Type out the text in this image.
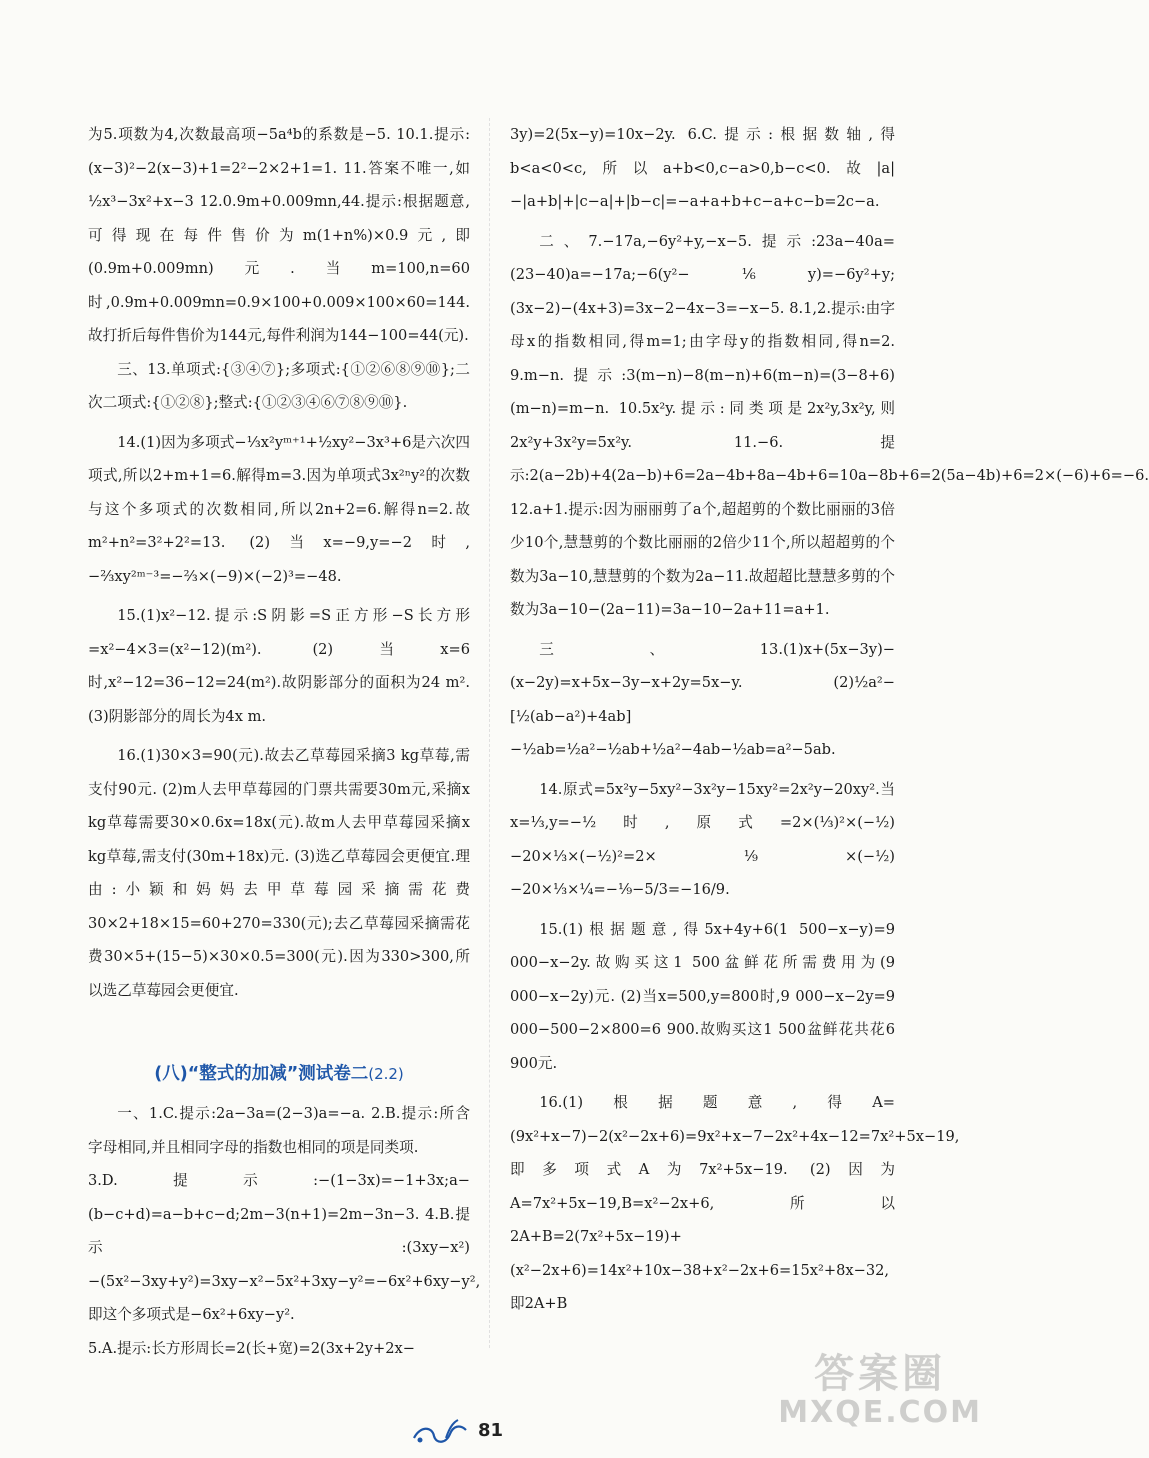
为5.项数为4,次数最高项−5a⁴b的系数是−5. 10.1.提示:(x−3)²−2(x−3)+1=2²−2×2+1=1. 11.答案不唯一,如 ½x³−3x²+x−3 12.0.9m+0.009mn,44.提示:根据题意,可得现在每件售价为m(1+n%)×0.9元,即(0.9m+0.009mn)元.当m=100,n=60时,0.9m+0.009mn=0.9×100+0.009×100×60=144.故打折后每件售价为144元,每件利润为144−100=44(元).

三、13.单项式:{③④⑦};多项式:{①②⑥⑧⑨⑩};二次二项式:{①②⑧};整式:{①②③④⑥⑦⑧⑨⑩}.

14.(1)因为多项式−⅓x²yᵐ⁺¹+½xy²−3x³+6是六次四项式,所以2+m+1=6.解得m=3.因为单项式3x²ⁿy²的次数与这个多项式的次数相同,所以2n+2=6.解得n=2.故m²+n²=3²+2²=13. (2)当x=−9,y=−2时,−⅔xy²ᵐ⁻³=−⅔×(−9)×(−2)³=−48.

15.(1)x²−12.提示:S阴影=S正方形−S长方形=x²−4×3=(x²−12)(m²). (2)当x=6时,x²−12=36−12=24(m²).故阴影部分的面积为24 m². (3)阴影部分的周长为4x m.

16.(1)30×3=90(元).故去乙草莓园采摘3 kg草莓,需支付90元. (2)m人去甲草莓园的门票共需要30m元,采摘x kg草莓需要30×0.6x=18x(元).故m人去甲草莓园采摘x kg草莓,需支付(30m+18x)元. (3)选乙草莓园会更便宜.理由:小颖和妈妈去甲草莓园采摘需花费30×2+18×15=60+270=330(元);去乙草莓园采摘需花费30×5+(15−5)×30×0.5=300(元).因为330>300,所以选乙草莓园会更便宜.

(八)“整式的加减”测试卷二(2.2)

一、1.C.提示:2a−3a=(2−3)a=−a. 2.B.提示:所含字母相同,并且相同字母的指数也相同的项是同类项.

3.D.提示:−(1−3x)=−1+3x;a−(b−c+d)=a−b+c−d;2m−3(n+1)=2m−3n−3. 4.B.提示:(3xy−x²)−(5x²−3xy+y²)=3xy−x²−5x²+3xy−y²=−6x²+6xy−y²,即这个多项式是−6x²+6xy−y².

5.A.提示:长方形周长=2(长+宽)=2(3x+2y+2x−

3y)=2(5x−y)=10x−2y. 6.C.提示:根据数轴,得b<a<0<c,所以a+b<0,c−a>0,b−c<0.故|a|−|a+b|+|c−a|+|b−c|=−a+a+b+c−a+c−b=2c−a.

二、7.−17a,−6y²+y,−x−5.提示:23a−40a=(23−40)a=−17a;−6(y²−⅙y)=−6y²+y;(3x−2)−(4x+3)=3x−2−4x−3=−x−5. 8.1,2.提示:由字母x的指数相同,得m=1;由字母y的指数相同,得n=2. 9.m−n.提示:3(m−n)−8(m−n)+6(m−n)=(3−8+6)(m−n)=m−n. 10.5x²y.提示:同类项是2x²y,3x²y,则2x²y+3x²y=5x²y. 11.−6.提示:2(a−2b)+4(2a−b)+6=2a−4b+8a−4b+6=10a−8b+6=2(5a−4b)+6=2×(−6)+6=−6. 12.a+1.提示:因为丽丽剪了a个,超超剪的个数比丽丽的3倍少10个,慧慧剪的个数比丽丽的2倍少11个,所以超超剪的个数为3a−10,慧慧剪的个数为2a−11.故超超比慧慧多剪的个数为3a−10−(2a−11)=3a−10−2a+11=a+1.

三、13.(1)x+(5x−3y)−(x−2y)=x+5x−3y−x+2y=5x−y. (2)½a²−[½(ab−a²)+4ab]−½ab=½a²−½ab+½a²−4ab−½ab=a²−5ab.

14.原式=5x²y−5xy²−3x²y−15xy²=2x²y−20xy².当x=⅓,y=−½时,原式=2×(⅓)²×(−½)−20×⅓×(−½)²=2×⅑×(−½)−20×⅓×¼=−⅑−5/3=−16/9.

15.(1)根据题意,得5x+4y+6(1 500−x−y)=9 000−x−2y.故购买这1 500盆鲜花所需费用为(9 000−x−2y)元. (2)当x=500,y=800时,9 000−x−2y=9 000−500−2×800=6 900.故购买这1 500盆鲜花共花6 900元.

16.(1)根据题意,得A=(9x²+x−7)−2(x²−2x+6)=9x²+x−7−2x²+4x−12=7x²+5x−19,即多项式A为7x²+5x−19. (2)因为A=7x²+5x−19,B=x²−2x+6,所以2A+B=2(7x²+5x−19)+(x²−2x+6)=14x²+10x−38+x²−2x+6=15x²+8x−32,即2A+B

81
答案圈
MXQE.COM
